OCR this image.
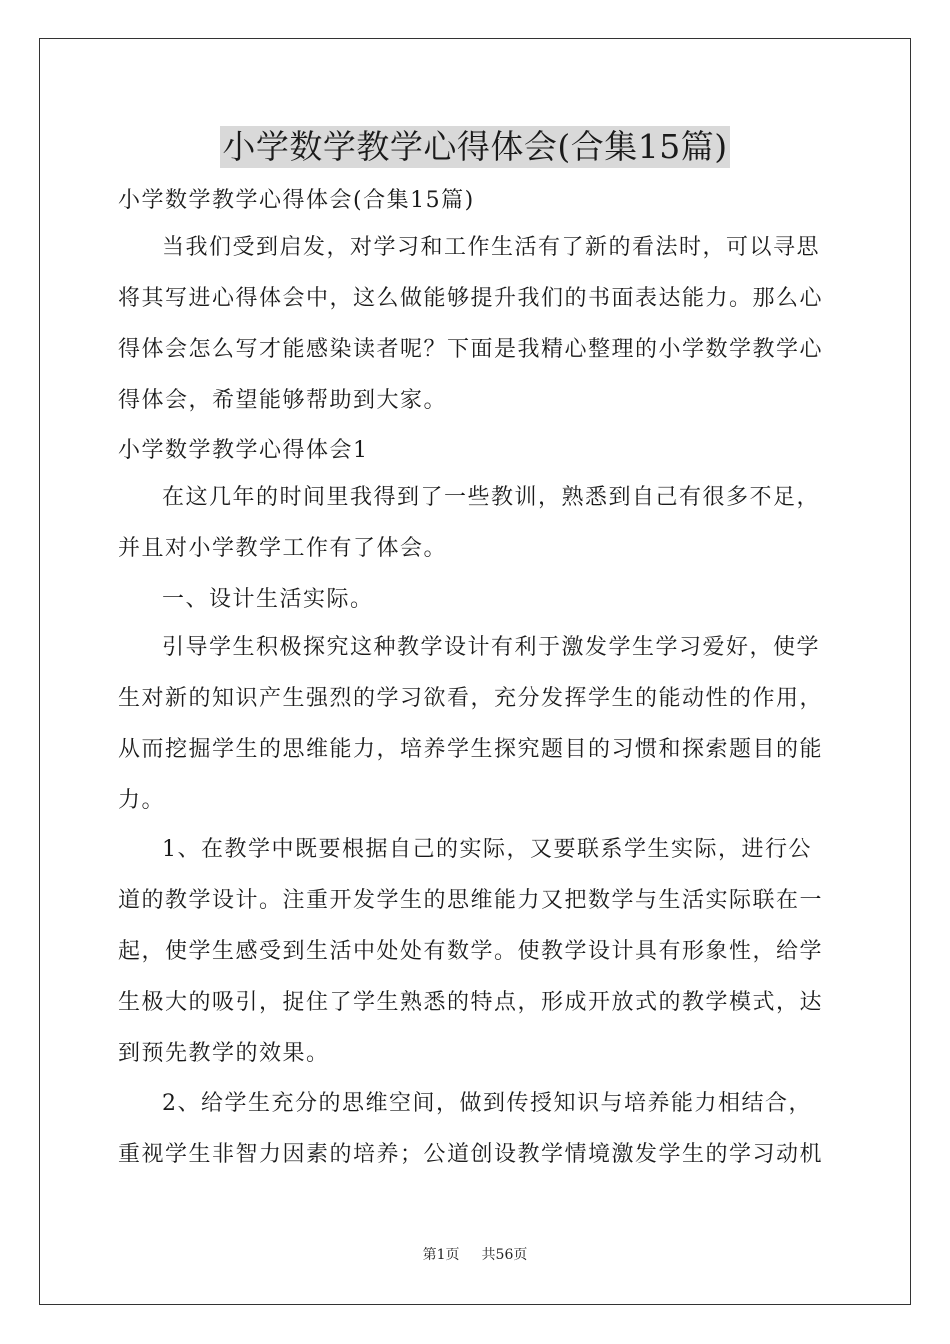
小学数学教学心得体会(合集15篇)

小学数学教学心得体会(合集15篇)

当我们受到启发，对学习和工作生活有了新的看法时，可以寻思

将其写进心得体会中，这么做能够提升我们的书面表达能力。那么心

得体会怎么写才能感染读者呢？下面是我精心整理的小学数学教学心

得体会，希望能够帮助到大家。

小学数学教学心得体会1

在这几年的时间里我得到了一些教训，熟悉到自己有很多不足，

并且对小学教学工作有了体会。

一、设计生活实际。

引导学生积极探究这种教学设计有利于激发学生学习爱好，使学

生对新的知识产生强烈的学习欲看，充分发挥学生的能动性的作用，

从而挖掘学生的思维能力，培养学生探究题目的习惯和探索题目的能

力。

1、在教学中既要根据自己的实际，又要联系学生实际，进行公

道的教学设计。注重开发学生的思维能力又把数学与生活实际联在一

起，使学生感受到生活中处处有数学。使教学设计具有形象性，给学

生极大的吸引，捉住了学生熟悉的特点，形成开放式的教学模式，达

到预先教学的效果。

2、给学生充分的思维空间，做到传授知识与培养能力相结合，

重视学生非智力因素的培养；公道创设教学情境激发学生的学习动机

第1页 共56页
